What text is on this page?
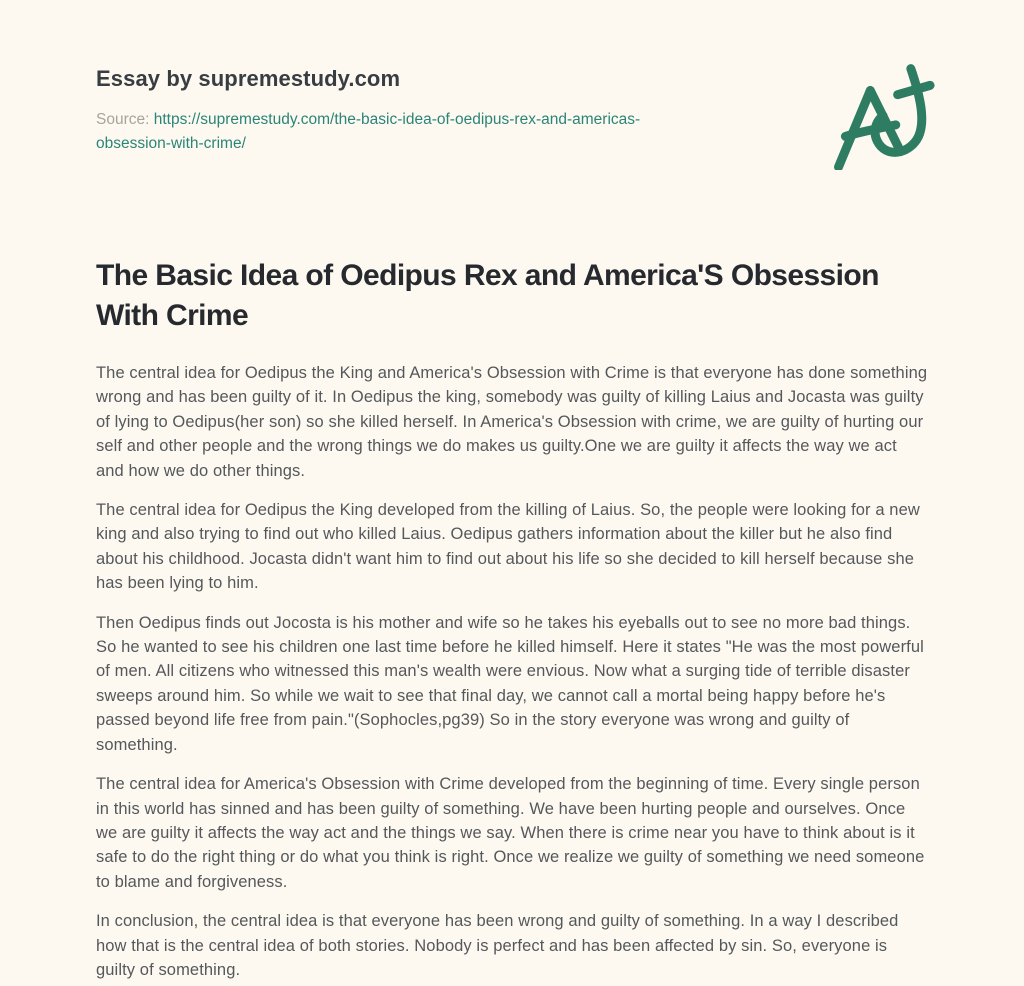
Essay by supremestudy.com
Source: https://supremestudy.com/the-basic-idea-of-oedipus-rex-and-americas-obsession-with-crime/
The Basic Idea of Oedipus Rex and America'S Obsession With Crime

The central idea for Oedipus the King and America's Obsession with Crime is that everyone has done something wrong and has been guilty of it. In Oedipus the king, somebody was guilty of killing Laius and Jocasta was guilty of lying to Oedipus(her son) so she killed herself. In America's Obsession with crime, we are guilty of hurting our self and other people and the wrong things we do makes us guilty.One we are guilty it affects the way we act and how we do other things.

The central idea for Oedipus the King developed from the killing of Laius. So, the people were looking for a new king and also trying to find out who killed Laius. Oedipus gathers information about the killer but he also find about his childhood. Jocasta didn't want him to find out about his life so she decided to kill herself because she has been lying to him.

Then Oedipus finds out Jocosta is his mother and wife so he takes his eyeballs out to see no more bad things. So he wanted to see his children one last time before he killed himself. Here it states "He was the most powerful of men. All citizens who witnessed this man's wealth were envious. Now what a surging tide of terrible disaster sweeps around him. So while we wait to see that final day, we cannot call a mortal being happy before he's passed beyond life free from pain."(Sophocles,pg39) So in the story everyone was wrong and guilty of something.

The central idea for America's Obsession with Crime developed from the beginning of time. Every single person in this world has sinned and has been guilty of something. We have been hurting people and ourselves. Once we are guilty it affects the way act and the things we say. When there is crime near you have to think about is it safe to do the right thing or do what you think is right. Once we realize we guilty of something we need someone to blame and forgiveness.

In conclusion, the central idea is that everyone has been wrong and guilty of something. In a way I described how that is the central idea of both stories. Nobody is perfect and has been affected by sin. So, everyone is guilty of something.
